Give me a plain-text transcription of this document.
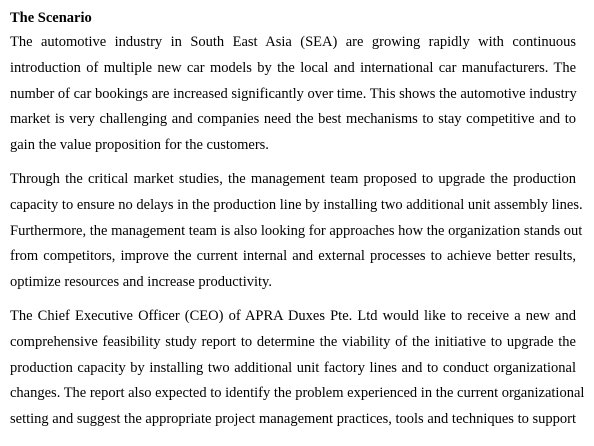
The Scenario
The automotive industry in South East Asia (SEA) are growing rapidly with continuous
introduction of multiple new car models by the local and international car manufacturers. The
number of car bookings are increased significantly over time. This shows the automotive industry
market is very challenging and companies need the best mechanisms to stay competitive and to
gain the value proposition for the customers.
Through the critical market studies, the management team proposed to upgrade the production
capacity to ensure no delays in the production line by installing two additional unit assembly lines.
Furthermore, the management team is also looking for approaches how the organization stands out
from competitors, improve the current internal and external processes to achieve better results,
optimize resources and increase productivity.
The Chief Executive Officer (CEO) of APRA Duxes Pte. Ltd would like to receive a new and
comprehensive feasibility study report to determine the viability of the initiative to upgrade the
production capacity by installing two additional unit factory lines and to conduct organizational
changes. The report also expected to identify the problem experienced in the current organizational
setting and suggest the appropriate project management practices, tools and techniques to support
